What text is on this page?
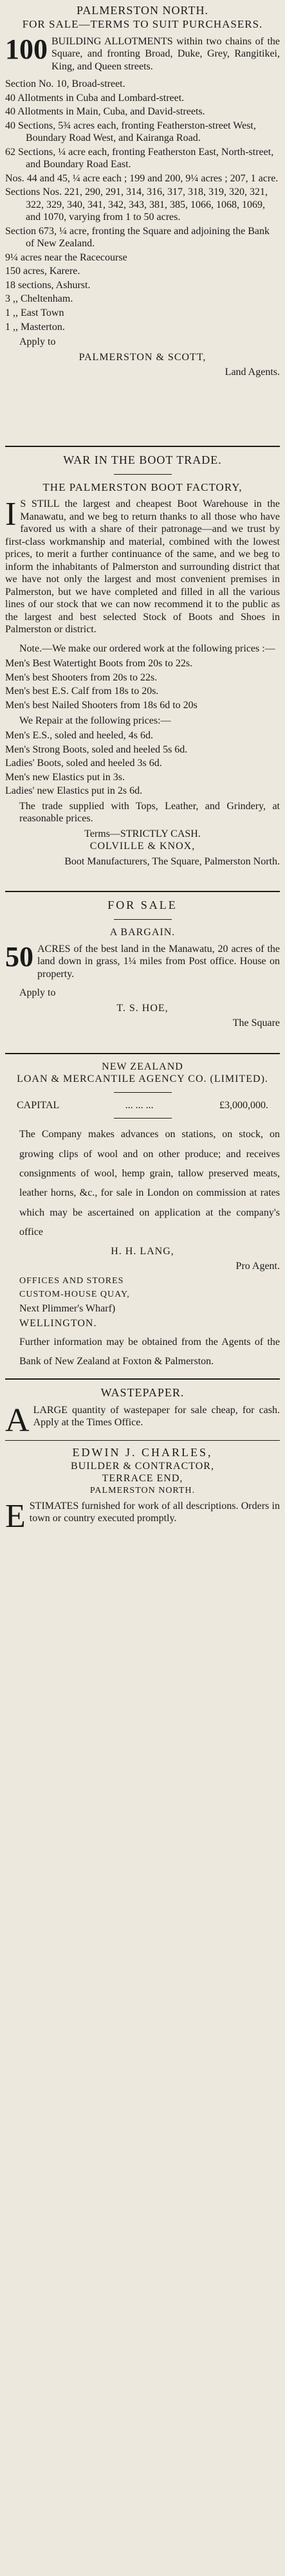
PALMERSTON NORTH.
FOR SALE—TERMS TO SUIT PURCHASERS.
100 BUILDING ALLOTMENTS within two chains of the Square, and fronting Broad, Duke, Grey, Rangitikei, King, and Queen streets.
Section No. 10, Broad-street.
40 Allotments in Cuba and Lombard-street.
40 Allotments in Main, Cuba, and David-streets.
40 Sections, 5¾ acres each, fronting Featherston-street West, Boundary Road West, and Kairanga Road.
62 Sections, ¼ acre each, fronting Featherston East, North-street, and Boundary Road East.
Nos. 44 and 45, ¼ acre each ; 199 and 200, 9¼ acres ; 207, 1 acre.
Sections Nos. 221, 290, 291, 314, 316, 317, 318, 319, 320, 321, 322, 329, 340, 341, 342, 343, 381, 385, 1066, 1068, 1069, and 1070, varying from 1 to 50 acres.
Section 673, ¼ acre, fronting the Square and adjoining the Bank of New Zealand.
9¼ acres near the Racecourse
150 acres, Karere.
18 sections, Ashurst.
3 ,, Cheltenham.
1 ,, East Town
1 ,, Masterton.

Apply to

PALMERSTON & SCOTT,
Land Agents.
WAR IN THE BOOT TRADE.
THE PALMERSTON BOOT FACTORY,
I S STILL the largest and cheapest Boot Warehouse in the Manawatu, and we beg to return thanks to all those who have favored us with a share of their patronage—and we trust by first-class workmanship and material, combined with the lowest prices, to merit a further continuance of the same, and we beg to inform the inhabitants of Palmerston and surrounding district that we have not only the largest and most convenient premises in Palmerston, but we have completed and filled in all the various lines of our stock that we can now recommend it to the public as the largest and best selected Stock of Boots and Shoes in Palmerston or district.

Note.—We make our ordered work at the following prices :—

Men's Best Watertight Boots from 20s to 22s.
Men's best Shooters from 20s to 22s.
Men's best E.S. Calf from 18s to 20s.
Men's best Nailed Shooters from 18s 6d to 20s

We Repair at the following prices:—

Men's E.S., soled and heeled, 4s 6d.
Men's Strong Boots, soled and heeled 5s 6d.
Ladies' Boots, soled and heeled 3s 6d.
Men's new Elastics put in 3s.
Ladies' new Elastics put in 2s 6d.

The trade supplied with Tops, Leather, and Grindery, at reasonable prices.

Terms—STRICTLY CASH.
COLVILLE & KNOX,
Boot Manufacturers, The Square, Palmerston North.
FOR SALE
A BARGAIN.
50 ACRES of the best land in the Manawatu, 20 acres of the land down in grass, 1¼ miles from Post office. House on property.

Apply to

T. S. HOE,
The Square
NEW ZEALAND
LOAN & MERCANTILE AGENCY CO. (LIMITED).
CAPITAL	... ... ...	£3,000,000.

The Company makes advances on stations, on stock, on growing clips of wool and on other produce; and receives consignments of wool, hemp grain, tallow preserved meats, leather horns, &c., for sale in London on commission at rates which may be ascertained on application at the company's office

H. H. LANG,
Pro Agent.

OFFICES AND STORES

CUSTOM-HOUSE QUAY,

Next Plimmer's Wharf)

WELLINGTON.

Further information may be obtained from the Agents of the Bank of New Zealand at Foxton & Palmerston.

WASTEPAPER.
A LARGE quantity of wastepaper for sale cheap, for cash. Apply at the Times Office.
EDWIN J. CHARLES,
BUILDER & CONTRACTOR,
TERRACE END,
PALMERSTON NORTH.
E STIMATES furnished for work of all descriptions. Orders in town or country executed promptly.
